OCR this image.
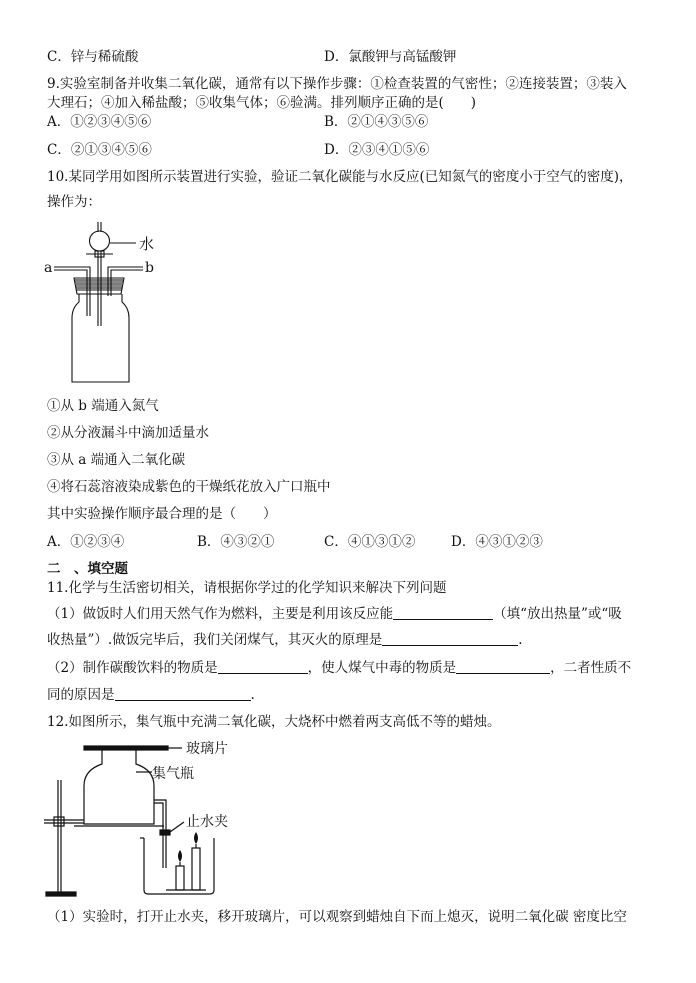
C．锌与稀硫酸	D．氯酸钾与高锰酸钾
9.实验室制备并收集二氧化碳，通常有以下操作步骤：①检查装置的气密性；②连接装置；③装入
大理石；④加入稀盐酸；⑤收集气体；⑥验满。排列顺序正确的是(　　)
A．①②③④⑤⑥	B．②①④③⑤⑥
C．②①③④⑤⑥	D．②③④①⑤⑥
10.某同学用如图所示装置进行实验，验证二氧化碳能与水反应(已知氮气的密度小于空气的密度)，
操作为：
水
a	b
①从 b 端通入氮气
②从分液漏斗中滴加适量水
③从 a 端通入二氧化碳
④将石蕊溶液染成紫色的干燥纸花放入广口瓶中
其中实验操作顺序最合理的是（　　）
A．①②③④	B．④③②①	C．④①③①②	D．④③①②③
二　、填空题
11.化学与生活密切相关，请根据你学过的化学知识来解决下列问题
（1）做饭时人们用天然气作为燃料，主要是利用该反应能	（填“放出热量”或“吸
收热量”）.做饭完毕后，我们关闭煤气，其灭火的原理是	.
（2）制作碳酸饮料的物质是	，使人煤气中毒的物质是	，二者性质不
同的原因是	.
12.如图所示，集气瓶中充满二氧化碳，大烧杯中燃着两支高低不等的蜡烛。
玻璃片
集气瓶
止水夹
（1）实验时，打开止水夹，移开玻璃片，可以观察到蜡烛自下而上熄灭，说明二氧化碳 密度比空
